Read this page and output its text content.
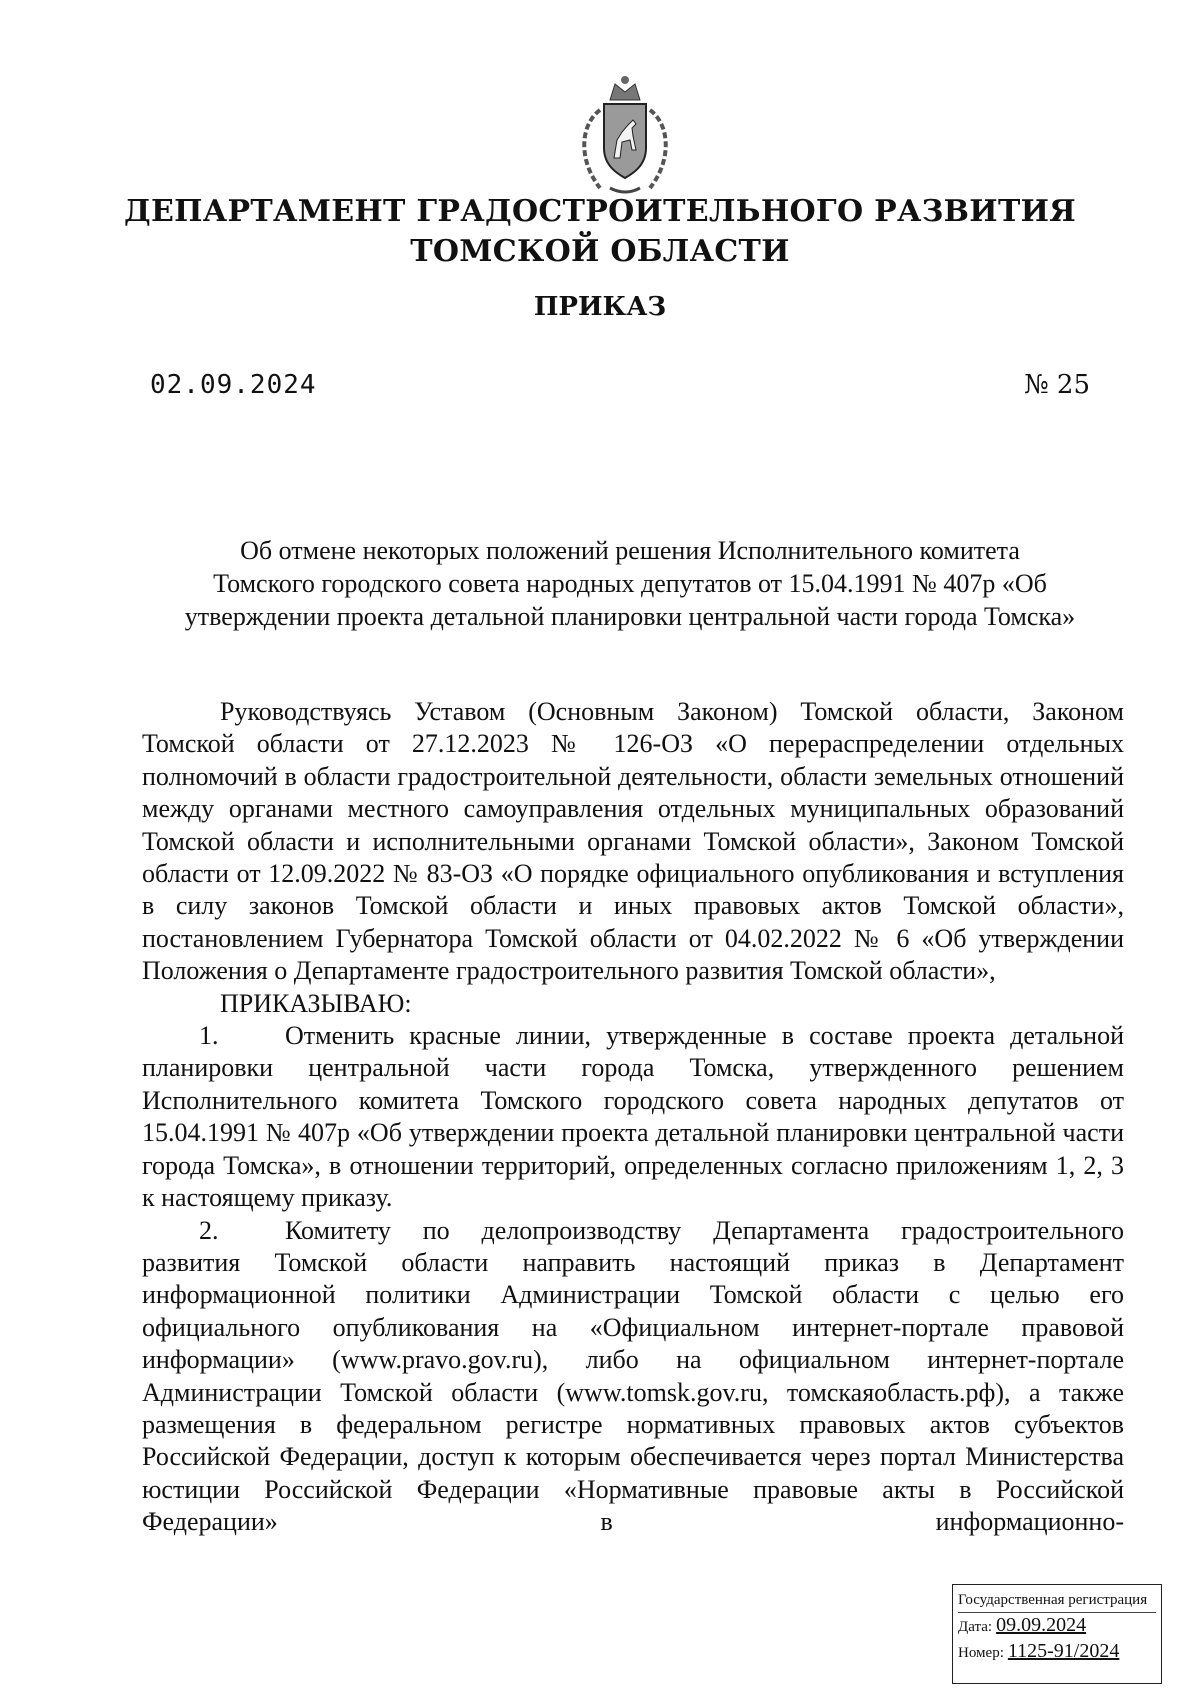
ДЕПАРТАМЕНТ ГРАДОСТРОИТЕЛЬНОГО РАЗВИТИЯ
ТОМСКОЙ ОБЛАСТИ
ПРИКАЗ
02.09.2024	№ 25
Об отмене некоторых положений решения Исполнительного комитета
Томского городского совета народных депутатов от 15.04.1991 № 407р «Об
утверждении проекта детальной планировки центральной части города Томска»

Руководствуясь Уставом (Основным Законом) Томской области, Законом Томской области от 27.12.2023 № 126-ОЗ «О перераспределении отдельных полномочий в области градостроительной деятельности, области земельных отношений между органами местного самоуправления отдельных муниципальных образований Томской области и исполнительными органами Томской области», Законом Томской области от 12.09.2022 № 83-ОЗ «О порядке официального опубликования и вступления в силу законов Томской области и иных правовых актов Томской области», постановлением Губернатора Томской области от 04.02.2022 № 6 «Об утверждении Положения о Департаменте градостроительного развития Томской области»,

ПРИКАЗЫВАЮ:

1.	Отменить красные линии, утвержденные в составе проекта детальной планировки центральной части города Томска, утвержденного решением Исполнительного комитета Томского городского совета народных депутатов от 15.04.1991 № 407р «Об утверждении проекта детальной планировки центральной части города Томска», в отношении территорий, определенных согласно приложениям 1, 2, 3 к настоящему приказу.

2.	Комитету по делопроизводству Департамента градостроительного развития Томской области направить настоящий приказ в Департамент информационной политики Администрации Томской области с целью его официального опубликования на «Официальном интернет-портале правовой информации» (www.pravo.gov.ru), либо на официальном интернет-портале Администрации Томской области (www.tomsk.gov.ru, томскаяобласть.рф), а также размещения в федеральном регистре нормативных правовых актов субъектов Российской Федерации, доступ к которым обеспечивается через портал Министерства юстиции Российской Федерации «Нормативные правовые акты в Российской Федерации» в информационно-

Государственная регистрация
Дата: 09.09.2024
Номер: 1125-91/2024
